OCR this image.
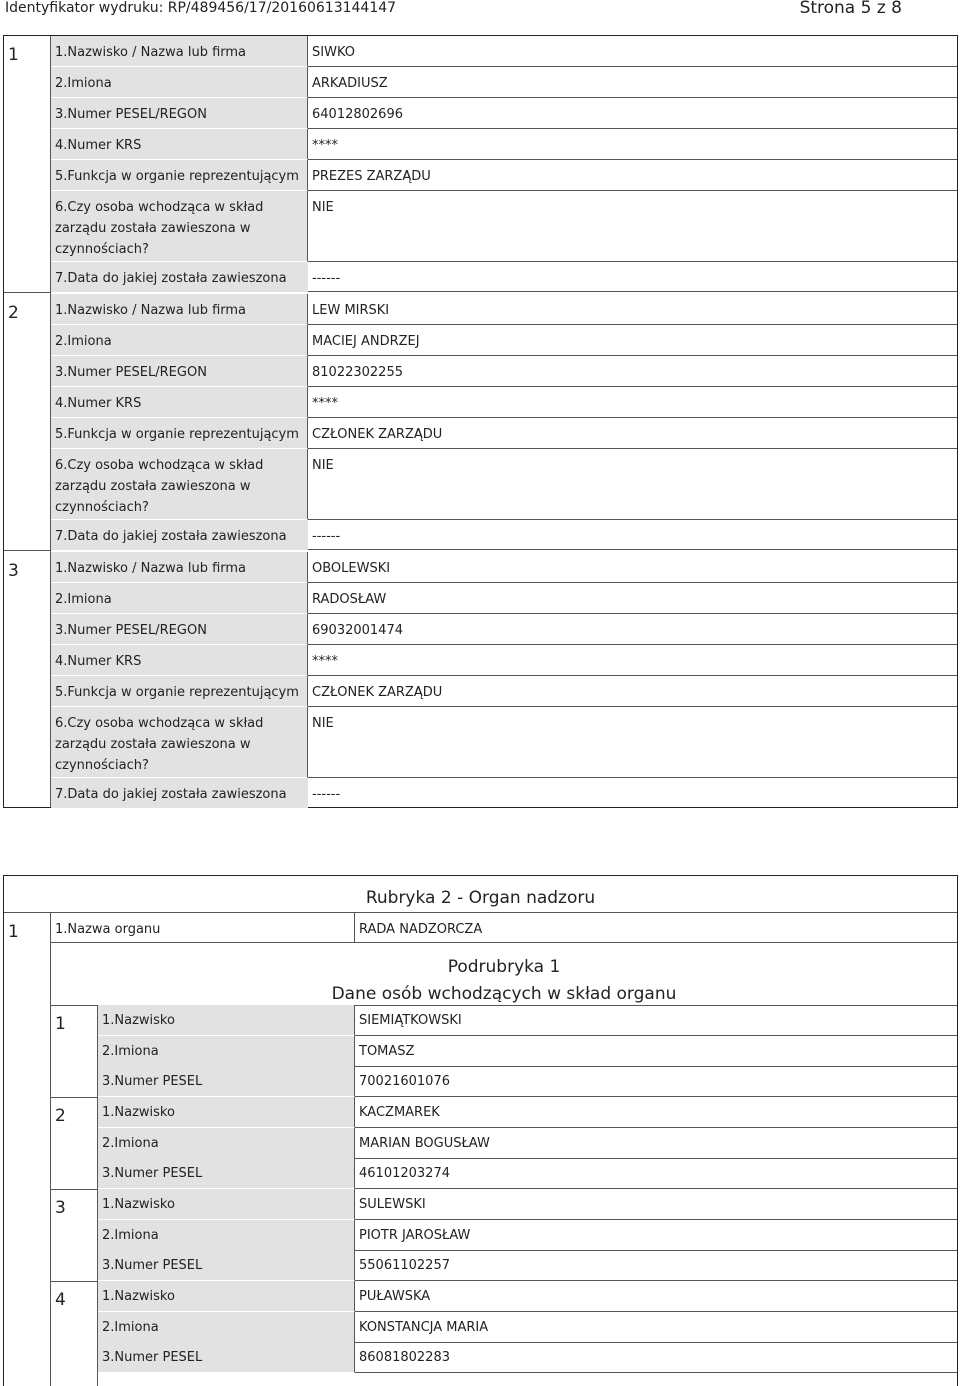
Identyfikator wydruku: RP/489456/17/20160613144147	Strona 5 z 8
1	1.Nazwisko / Nazwa lub firma	SIWKO
2.Imiona	ARKADIUSZ
3.Numer PESEL/REGON	64012802696
4.Numer KRS	****
5.Funkcja w organie reprezentującym	PREZES ZARZĄDU
6.Czy osoba wchodząca w skład zarządu została zawieszona w czynnościach?
NIE
7.Data do jakiej została zawieszona	------
2	1.Nazwisko / Nazwa lub firma	LEW MIRSKI
2.Imiona	MACIEJ ANDRZEJ
3.Numer PESEL/REGON	81022302255
4.Numer KRS	****
5.Funkcja w organie reprezentującym	CZŁONEK ZARZĄDU
6.Czy osoba wchodząca w skład zarządu została zawieszona w czynnościach?
NIE
7.Data do jakiej została zawieszona	------
3	1.Nazwisko / Nazwa lub firma	OBOLEWSKI
2.Imiona	RADOSŁAW
3.Numer PESEL/REGON	69032001474
4.Numer KRS	****
5.Funkcja w organie reprezentującym	CZŁONEK ZARZĄDU
6.Czy osoba wchodząca w skład zarządu została zawieszona w czynnościach?
NIE
7.Data do jakiej została zawieszona	------
Rubryka 2 - Organ nadzoru
1	1.Nazwa organu	RADA NADZORCZA
Podrubryka 1
Dane osób wchodzących w skład organu
1	1.Nazwisko	SIEMIĄTKOWSKI
2.Imiona	TOMASZ
3.Numer PESEL	70021601076
2	1.Nazwisko	KACZMAREK
2.Imiona	MARIAN BOGUSŁAW
3.Numer PESEL	46101203274
3	1.Nazwisko	SULEWSKI
2.Imiona	PIOTR JAROSŁAW
3.Numer PESEL	55061102257
4	1.Nazwisko	PUŁAWSKA
2.Imiona	KONSTANCJA MARIA
3.Numer PESEL	86081802283
